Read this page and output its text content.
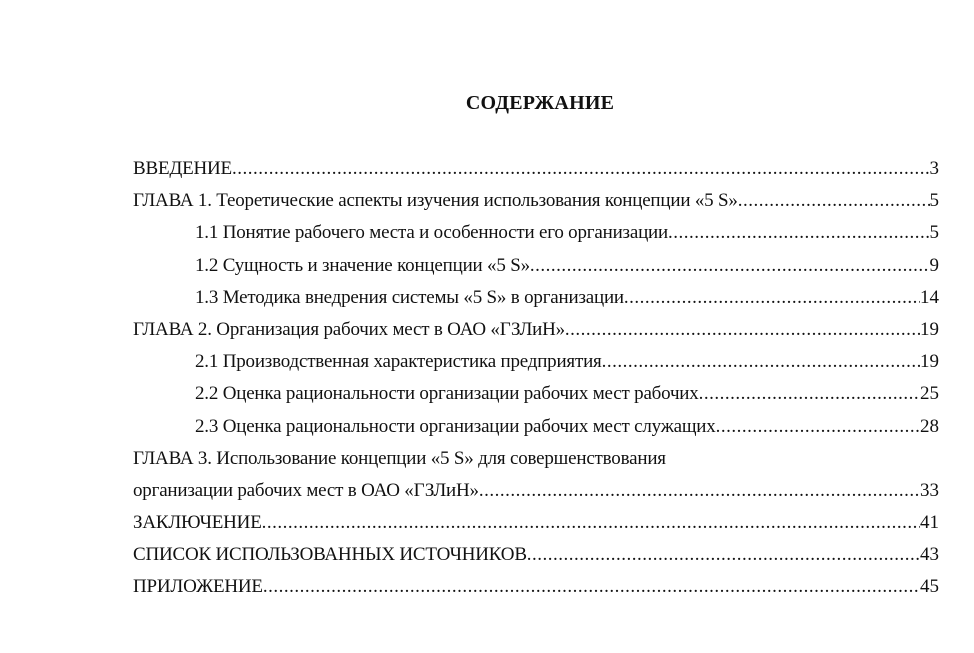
СОДЕРЖАНИЕ
ВВЕДЕНИЕ .....	3
ГЛАВА 1. Теоретические аспекты изучения использования концепции «5 S» .....	5
1.1 Понятие рабочего места и особенности его организации .....	5
1.2 Сущность и значение концепции «5 S» .....	9
1.3 Методика внедрения системы «5 S» в организации .....	14
ГЛАВА 2. Организация рабочих мест в ОАО «ГЗЛиН» .....	19
2.1 Производственная характеристика предприятия .....	19
2.2 Оценка рациональности организации рабочих мест рабочих .....	25
2.3 Оценка рациональности организации рабочих мест служащих .....	28
ГЛАВА 3. Использование концепции «5 S» для совершенствования
организации рабочих мест в ОАО «ГЗЛиН» .....	33
ЗАКЛЮЧЕНИЕ .....	41
СПИСОК ИСПОЛЬЗОВАННЫХ ИСТОЧНИКОВ .....	43
ПРИЛОЖЕНИЕ .....	45
